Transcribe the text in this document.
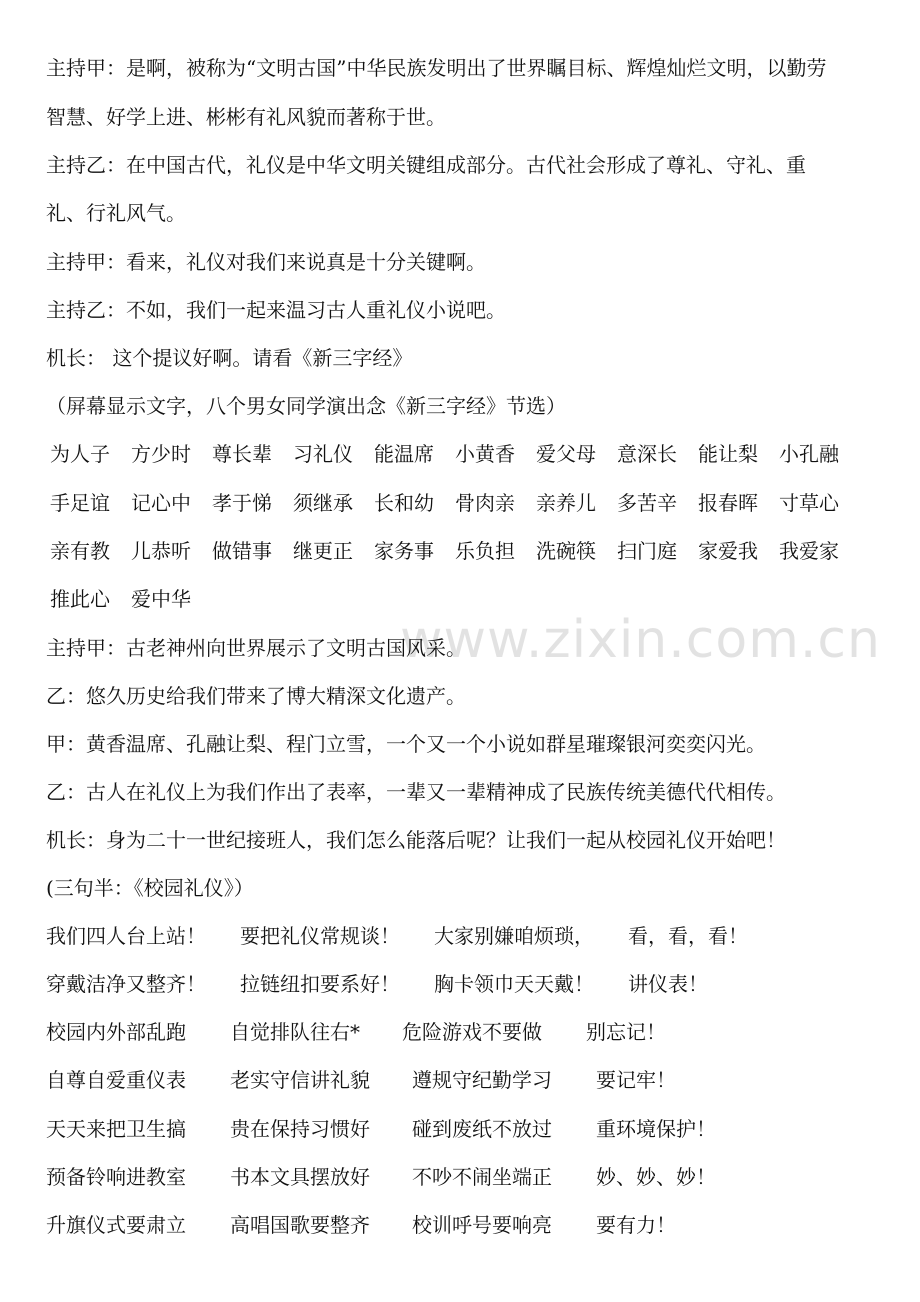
www.zixin.com.cn
主持甲：是啊，被称为“文明古国”中华民族发明出了世界瞩目标、辉煌灿烂文明，以勤劳
智慧、好学上进、彬彬有礼风貌而著称于世。
主持乙：在中国古代，礼仪是中华文明关键组成部分。古代社会形成了尊礼、守礼、重
礼、行礼风气。
主持甲：看来，礼仪对我们来说真是十分关键啊。
主持乙：不如，我们一起来温习古人重礼仪小说吧。
机长： 这个提议好啊。请看《新三字经》
（屏幕显示文字，八个男女同学演出念《新三字经》节选）
为人子 方少时 尊长辈 习礼仪 能温席 小黄香 爱父母 意深长 能让梨 小孔融
手足谊 记心中 孝于悌 须继承 长和幼 骨肉亲 亲养儿 多苦辛 报春晖 寸草心
亲有教 儿恭听 做错事 继更正 家务事 乐负担 洗碗筷 扫门庭 家爱我 我爱家
推此心 爱中华
主持甲：古老神州向世界展示了文明古国风采。
乙：悠久历史给我们带来了博大精深文化遗产。
甲：黄香温席、孔融让梨、程门立雪，一个又一个小说如群星璀璨银河奕奕闪光。
乙：古人在礼仪上为我们作出了表率，一辈又一辈精神成了民族传统美德代代相传。
机长：身为二十一世纪接班人，我们怎么能落后呢？让我们一起从校园礼仪开始吧！
(三句半：《校园礼仪》）
我们四人台上站！ 要把礼仪常规谈！ 大家别嫌咱烦琐， 看，看，看！
穿戴洁净又整齐！ 拉链纽扣要系好！ 胸卡领巾天天戴！ 讲仪表！
校园内外部乱跑 自觉排队往右* 危险游戏不要做 别忘记！
自尊自爱重仪表 老实守信讲礼貌 遵规守纪勤学习 要记牢！
天天来把卫生搞 贵在保持习惯好 碰到废纸不放过 重环境保护！
预备铃响进教室 书本文具摆放好 不吵不闹坐端正 妙、妙、妙！
升旗仪式要肃立 高唱国歌要整齐 校训呼号要响亮 要有力！
